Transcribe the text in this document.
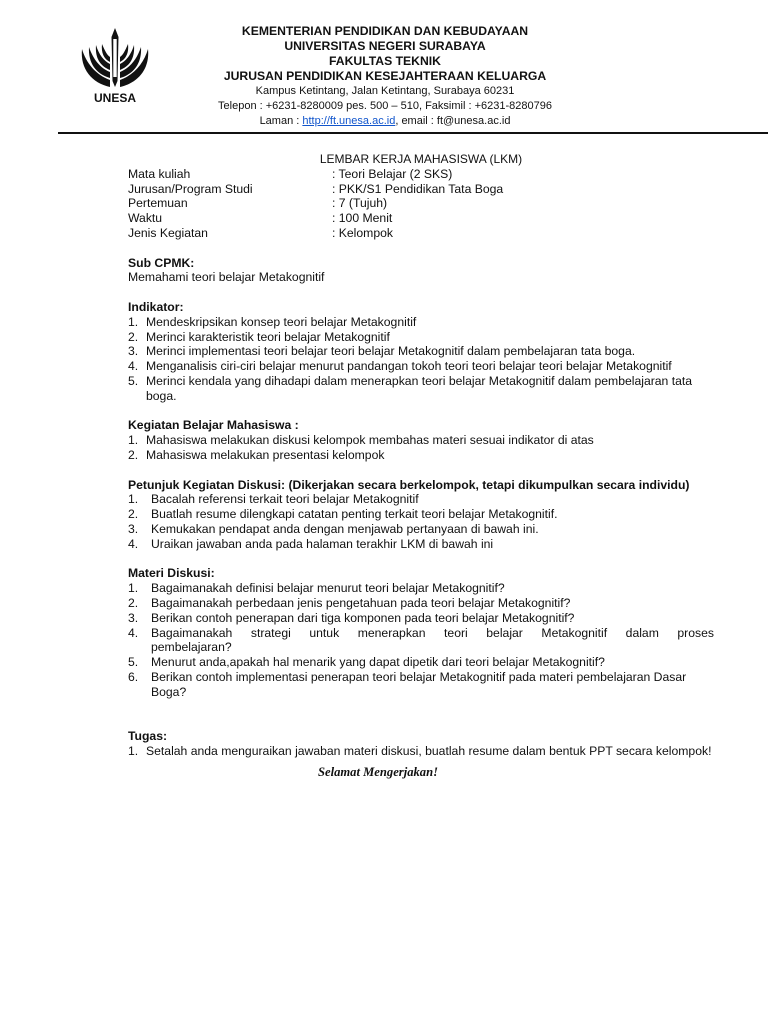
UNESA
KEMENTERIAN PENDIDIKAN DAN KEBUDAYAAN
UNIVERSITAS NEGERI SURABAYA
FAKULTAS TEKNIK
JURUSAN PENDIDIKAN KESEJAHTERAAN KELUARGA
Kampus Ketintang, Jalan Ketintang, Surabaya 60231
Telepon : +6231-8280009 pes. 500 – 510, Faksimil : +6231-8280796
Laman : http://ft.unesa.ac.id, email : ft@unesa.ac.id
LEMBAR KERJA MAHASISWA (LKM)
Mata kuliah	: Teori Belajar (2 SKS)
Jurusan/Program Studi	: PKK/S1 Pendidikan Tata Boga
Pertemuan	: 7 (Tujuh)
Waktu	: 100 Menit
Jenis Kegiatan	: Kelompok
Sub CPMK:
Memahami teori belajar Metakognitif
Indikator:
1. Mendeskripsikan konsep teori belajar Metakognitif
2. Merinci karakteristik teori belajar Metakognitif
3. Merinci implementasi teori belajar teori belajar Metakognitif dalam pembelajaran tata boga.
4. Menganalisis ciri-ciri belajar menurut pandangan tokoh teori teori belajar teori belajar Metakognitif
5. Merinci kendala yang dihadapi dalam menerapkan teori belajar Metakognitif dalam pembelajaran tata boga.
Kegiatan Belajar Mahasiswa :
1. Mahasiswa melakukan diskusi kelompok membahas materi sesuai indikator di atas
2. Mahasiswa melakukan presentasi kelompok
Petunjuk Kegiatan Diskusi: (Dikerjakan secara berkelompok, tetapi dikumpulkan secara individu)
1.	Bacalah referensi terkait teori belajar Metakognitif
2.	Buatlah resume dilengkapi catatan penting terkait teori belajar Metakognitif.
3.	Kemukakan pendapat anda dengan menjawab pertanyaan di bawah ini.
4.	Uraikan jawaban anda pada halaman terakhir LKM di bawah ini
Materi Diskusi:
1.	Bagaimanakah definisi belajar menurut teori belajar Metakognitif?
2.	Bagaimanakah perbedaan jenis pengetahuan pada teori belajar Metakognitif?
3.	Berikan contoh penerapan dari tiga komponen pada teori belajar Metakognitif?
4.	Bagaimanakah strategi untuk menerapkan teori belajar Metakognitif dalam proses
pembelajaran?
5.	Menurut anda,apakah hal menarik yang dapat dipetik dari teori belajar Metakognitif?
6.	Berikan contoh implementasi penerapan teori belajar Metakognitif pada materi pembelajaran Dasar Boga?
Tugas:
1. Setalah anda menguraikan jawaban materi diskusi, buatlah resume dalam bentuk PPT secara kelompok!
Selamat Mengerjakan!
